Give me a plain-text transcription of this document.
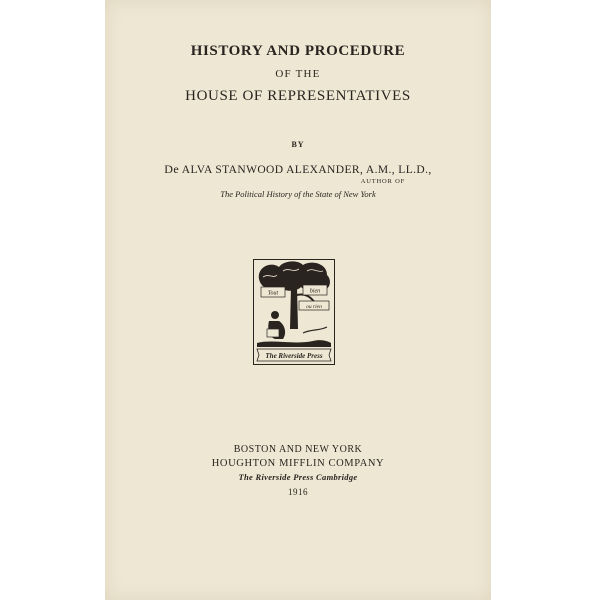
HISTORY AND PROCEDURE
OF THE
HOUSE OF REPRESENTATIVES
BY
De ALVA STANWOOD ALEXANDER, A.M., LL.D.,
AUTHOR OF
The Political History of the State of New York
Tout	bien
ou rien
The Riverside Press
BOSTON AND NEW YORK
HOUGHTON MIFFLIN COMPANY
The Riverside Press Cambridge
1916
